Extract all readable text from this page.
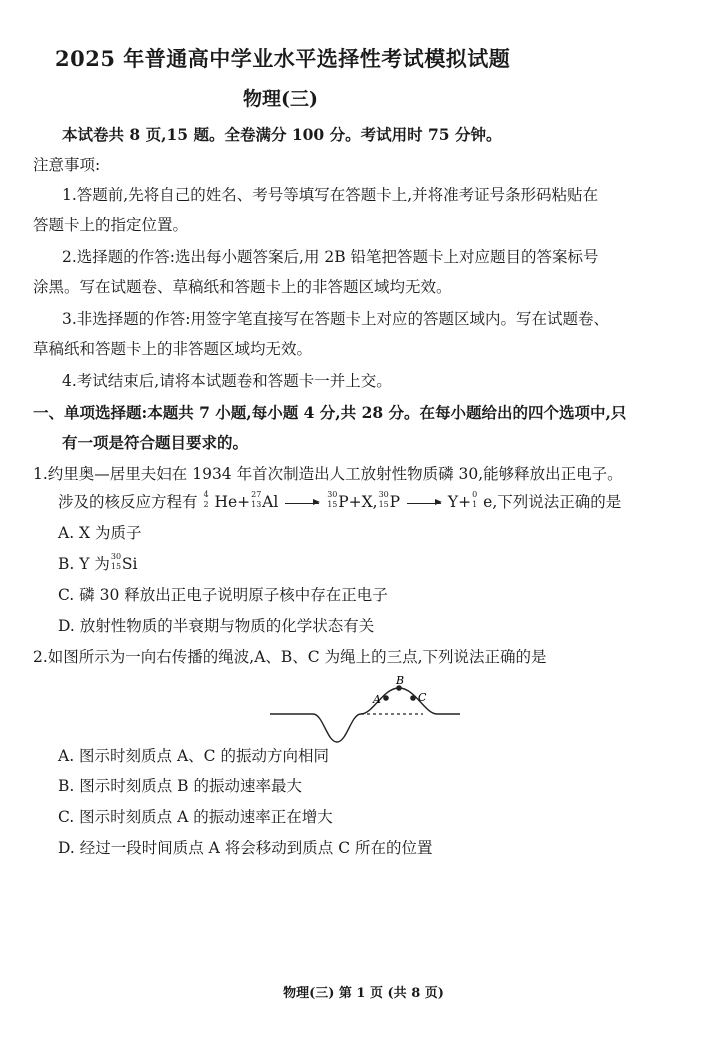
2025 年普通高中学业水平选择性考试模拟试题
物理(三)
本试卷共 8 页,15 题。全卷满分 100 分。考试用时 75 分钟。
注意事项:
1.答题前,先将自己的姓名、考号等填写在答题卡上,并将准考证号条形码粘贴在
答题卡上的指定位置。
2.选择题的作答:选出每小题答案后,用 2B 铅笔把答题卡上对应题目的答案标号
涂黑。写在试题卷、草稿纸和答题卡上的非答题区域均无效。
3.非选择题的作答:用签字笔直接写在答题卡上对应的答题区域内。写在试题卷、
草稿纸和答题卡上的非答题区域均无效。
4.考试结束后,请将本试题卷和答题卡一并上交。
一、单项选择题:本题共 7 小题,每小题 4 分,共 28 分。在每小题给出的四个选项中,只
有一项是符合题目要求的。
1.约里奥—居里夫妇在 1934 年首次制造出人工放射性物质磷 30,能够释放出正电子。
涉及的核反应方程有 4
2 He+ 27
13 Al →
30
15 P+X, 30
15 P → Y+ 0
1 e,下列说法正确的是
A. X 为质子
B. Y 为 30
15 Si
C. 磷 30 释放出正电子说明原子核中存在正电子
D. 放射性物质的半衰期与物质的化学状态有关
2.如图所示为一向右传播的绳波,A、B、C 为绳上的三点,下列说法正确的是
A
B
C
A. 图示时刻质点 A、C 的振动方向相同
B. 图示时刻质点 B 的振动速率最大
C. 图示时刻质点 A 的振动速率正在增大
D. 经过一段时间质点 A 将会移动到质点 C 所在的位置
物理(三) 第 1 页 (共 8 页)
